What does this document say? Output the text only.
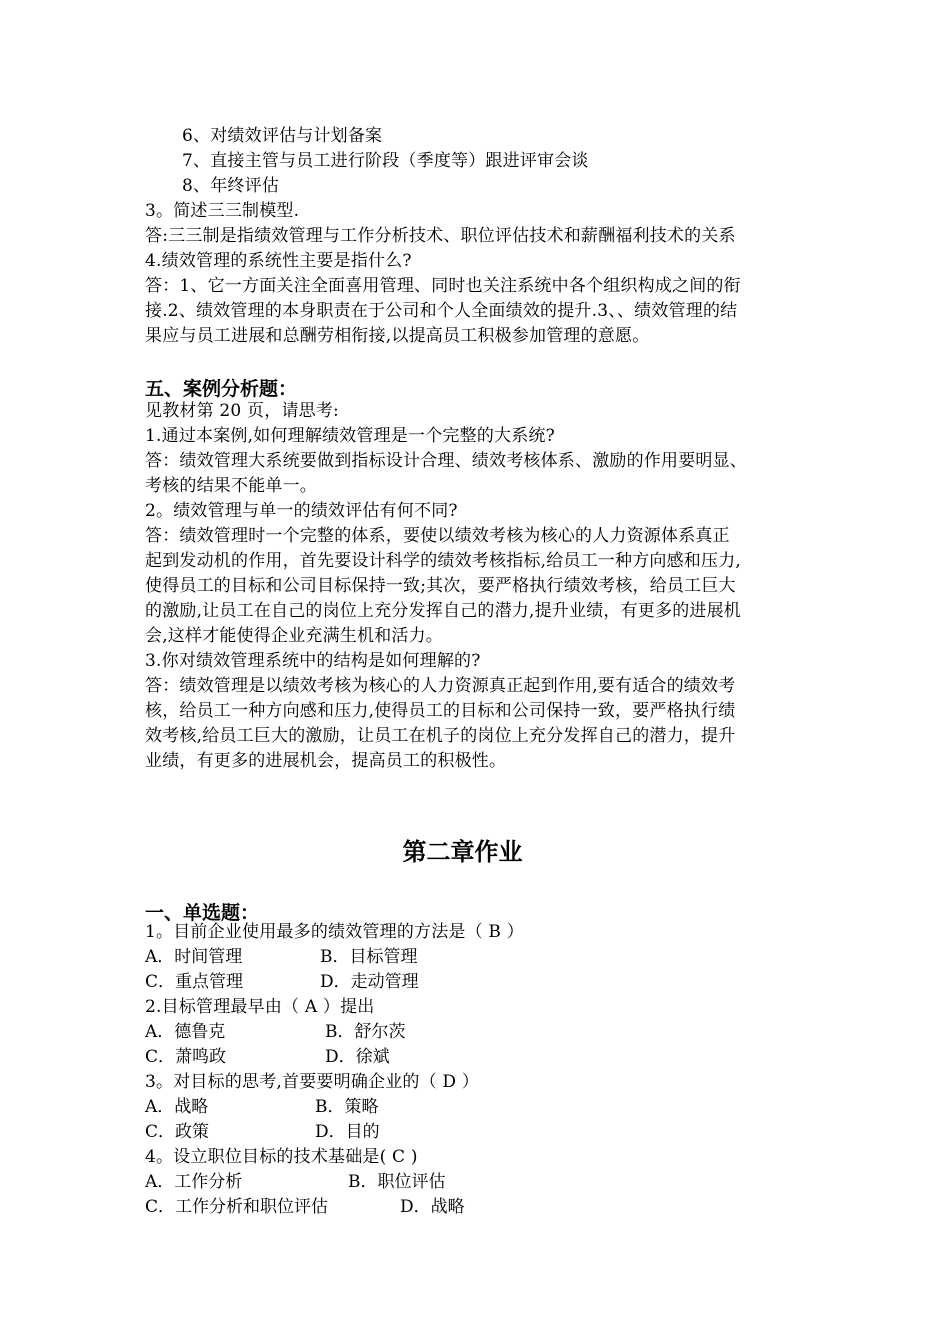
6、对绩效评估与计划备案
7、直接主管与员工进行阶段（季度等）跟进评审会谈
8、年终评估
3。简述三三制模型.
答:三三制是指绩效管理与工作分析技术、职位评估技术和薪酬福利技术的关系
4.绩效管理的系统性主要是指什么?
答：1、它一方面关注全面喜用管理、同时也关注系统中各个组织构成之间的衔
接.2、绩效管理的本身职责在于公司和个人全面绩效的提升.3、、绩效管理的结
果应与员工进展和总酬劳相衔接,以提高员工积极参加管理的意愿。
五、案例分析题：
见教材第 20 页，请思考:
1.通过本案例,如何理解绩效管理是一个完整的大系统?
答：绩效管理大系统要做到指标设计合理、绩效考核体系、激励的作用要明显、
考核的结果不能单一。
2。绩效管理与单一的绩效评估有何不同?
答：绩效管理时一个完整的体系，要使以绩效考核为核心的人力资源体系真正
起到发动机的作用，首先要设计科学的绩效考核指标,给员工一种方向感和压力,
使得员工的目标和公司目标保持一致;其次，要严格执行绩效考核，给员工巨大
的激励,让员工在自己的岗位上充分发挥自己的潜力,提升业绩，有更多的进展机
会,这样才能使得企业充满生机和活力。
3.你对绩效管理系统中的结构是如何理解的?
答：绩效管理是以绩效考核为核心的人力资源真正起到作用,要有适合的绩效考
核，给员工一种方向感和压力,使得员工的目标和公司保持一致，要严格执行绩
效考核,给员工巨大的激励，让员工在机子的岗位上充分发挥自己的潜力，提升
业绩，有更多的进展机会，提高员工的积极性。
第二章作业
一、单选题：
1。目前企业使用最多的绩效管理的方法是（ B ）
A．时间管理	B．目标管理
C．重点管理	D．走动管理
2.目标管理最早由（ A ）提出
A．德鲁克	B．舒尔茨
C．萧鸣政	D．徐斌
3。对目标的思考,首要要明确企业的（ D ）
A．战略	B．策略
C．政策	D．目的
4。设立职位目标的技术基础是( C )
A．工作分析	B．职位评估
C．工作分析和职位评估	D．战略
